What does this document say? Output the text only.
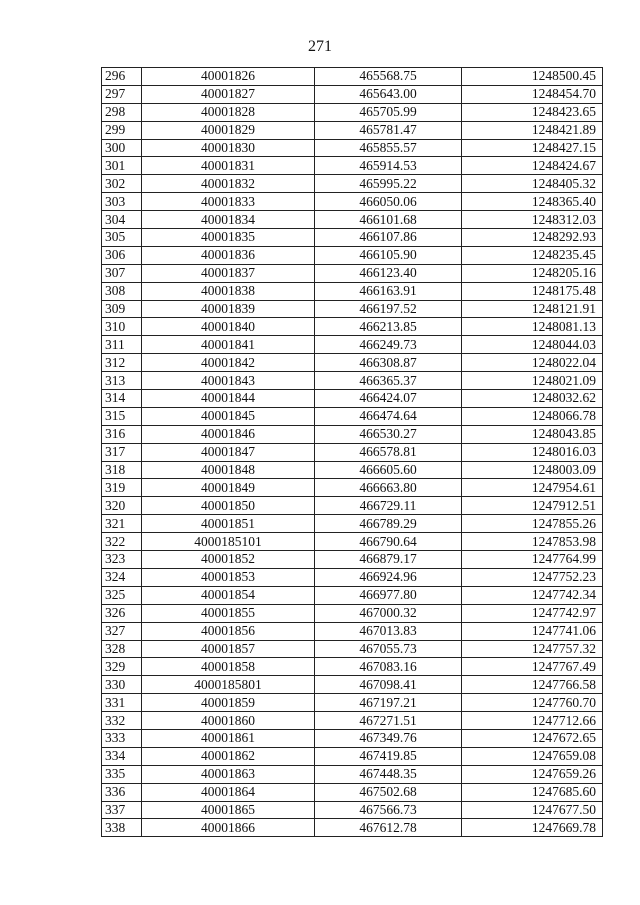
271
296	40001826	465568.75	1248500.45
297	40001827	465643.00	1248454.70
298	40001828	465705.99	1248423.65
299	40001829	465781.47	1248421.89
300	40001830	465855.57	1248427.15
301	40001831	465914.53	1248424.67
302	40001832	465995.22	1248405.32
303	40001833	466050.06	1248365.40
304	40001834	466101.68	1248312.03
305	40001835	466107.86	1248292.93
306	40001836	466105.90	1248235.45
307	40001837	466123.40	1248205.16
308	40001838	466163.91	1248175.48
309	40001839	466197.52	1248121.91
310	40001840	466213.85	1248081.13
311	40001841	466249.73	1248044.03
312	40001842	466308.87	1248022.04
313	40001843	466365.37	1248021.09
314	40001844	466424.07	1248032.62
315	40001845	466474.64	1248066.78
316	40001846	466530.27	1248043.85
317	40001847	466578.81	1248016.03
318	40001848	466605.60	1248003.09
319	40001849	466663.80	1247954.61
320	40001850	466729.11	1247912.51
321	40001851	466789.29	1247855.26
322	4000185101	466790.64	1247853.98
323	40001852	466879.17	1247764.99
324	40001853	466924.96	1247752.23
325	40001854	466977.80	1247742.34
326	40001855	467000.32	1247742.97
327	40001856	467013.83	1247741.06
328	40001857	467055.73	1247757.32
329	40001858	467083.16	1247767.49
330	4000185801	467098.41	1247766.58
331	40001859	467197.21	1247760.70
332	40001860	467271.51	1247712.66
333	40001861	467349.76	1247672.65
334	40001862	467419.85	1247659.08
335	40001863	467448.35	1247659.26
336	40001864	467502.68	1247685.60
337	40001865	467566.73	1247677.50
338	40001866	467612.78	1247669.78
